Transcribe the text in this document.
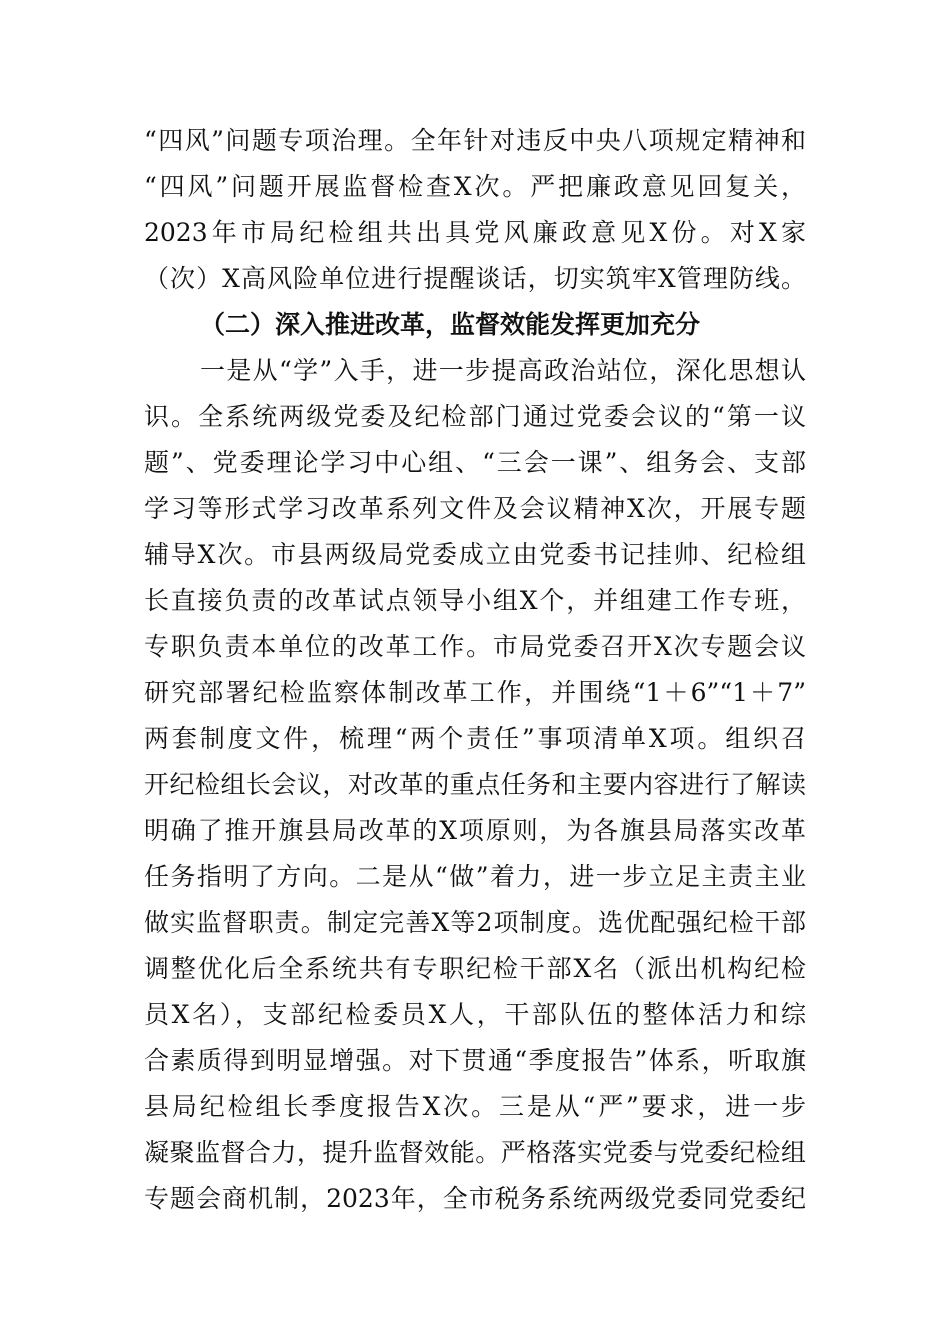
“四风”问题专项治理。全年针对违反中央八项规定精神和
“四风”问题开展监督检查X次。严把廉政意见回复关，
2023年市局纪检组共出具党风廉政意见X份。对X家
（次）X高风险单位进行提醒谈话，切实筑牢X管理防线。
（二）深入推进改革，监督效能发挥更加充分
一是从“学”入手，进一步提高政治站位，深化思想认
识。全系统两级党委及纪检部门通过党委会议的“第一议
题”、党委理论学习中心组、“三会一课”、组务会、支部
学习等形式学习改革系列文件及会议精神X次，开展专题
辅导X次。市县两级局党委成立由党委书记挂帅、纪检组
长直接负责的改革试点领导小组X个，并组建工作专班，
专职负责本单位的改革工作。市局党委召开X次专题会议
研究部署纪检监察体制改革工作，并围绕“1＋6”“1＋7”
两套制度文件，梳理“两个责任”事项清单X项。组织召
开纪检组长会议，对改革的重点任务和主要内容进行了解读
明确了推开旗县局改革的X项原则，为各旗县局落实改革
任务指明了方向。二是从“做”着力，进一步立足主责主业
做实监督职责。制定完善X等2项制度。选优配强纪检干部
调整优化后全系统共有专职纪检干部X名（派出机构纪检
员X名），支部纪检委员X人，干部队伍的整体活力和综
合素质得到明显增强。对下贯通“季度报告”体系，听取旗
县局纪检组长季度报告X次。三是从“严”要求，进一步
凝聚监督合力，提升监督效能。严格落实党委与党委纪检组
专题会商机制，2023年，全市税务系统两级党委同党委纪
